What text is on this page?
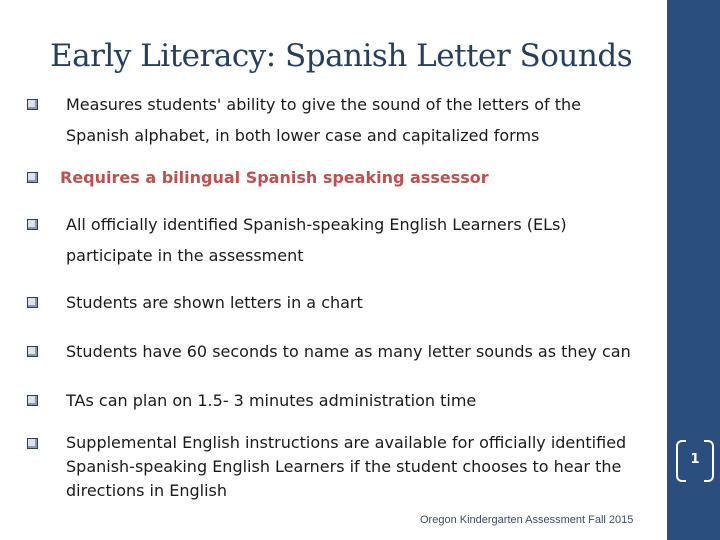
Early Literacy: Spanish Letter Sounds
Measures students' ability to give the sound of the letters of the Spanish alphabet, in both lower case and capitalized forms
Requires a bilingual Spanish speaking assessor
All officially identified Spanish-speaking English Learners (ELs) participate in the assessment
Students are shown letters in a chart
Students have 60 seconds to name as many letter sounds as they can
TAs can plan on 1.5- 3 minutes administration time
Supplemental English instructions are available for officially identified Spanish-speaking English Learners if the student chooses to hear the directions in English
1
Oregon Kindergarten Assessment Fall 2015
